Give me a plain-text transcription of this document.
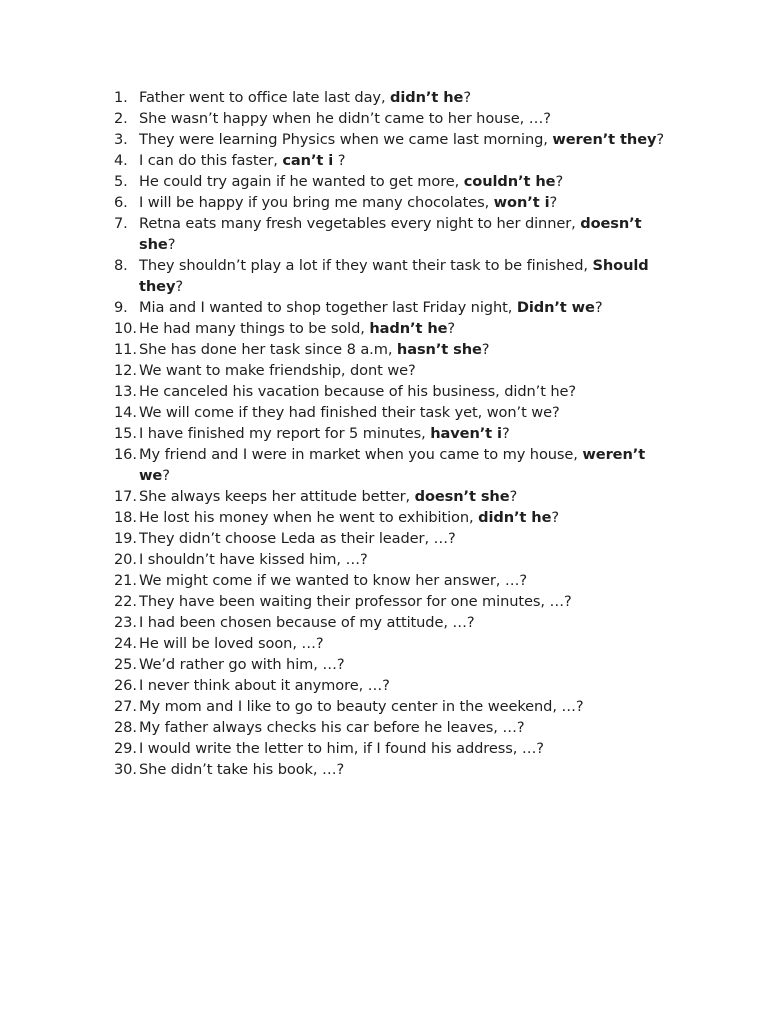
1. Father went to office late last day, didn’t he?
2. She wasn’t happy when he didn’t came to her house, …?
3. They were learning Physics when we came last morning, weren’t they?
4. I can do this faster, can’t i ?
5. He could try again if he wanted to get more, couldn’t he?
6. I will be happy if you bring me many chocolates, won’t i?
7. Retna eats many fresh vegetables every night to her dinner, doesn’t she?
8. They shouldn’t play a lot if they want their task to be finished, Should they?
9. Mia and I wanted to shop together last Friday night, Didn’t we?
10. He had many things to be sold, hadn’t he?
11. She has done her task since 8 a.m, hasn’t she?
12. We want to make friendship, dont we?
13. He canceled his vacation because of his business, didn’t he?
14. We will come if they had finished their task yet, won’t we?
15. I have finished my report for 5 minutes, haven’t i?
16. My friend and I were in market when you came to my house, weren’t we?
17. She always keeps her attitude better, doesn’t she?
18. He lost his money when he went to exhibition, didn’t he?
19. They didn’t choose Leda as their leader, …?
20. I shouldn’t have kissed him, …?
21. We might come if we wanted to know her answer, …?
22. They have been waiting their professor for one minutes, …?
23. I had been chosen because of my attitude, …?
24. He will be loved soon, …?
25. We’d rather go with him, …?
26. I never think about it anymore, …?
27. My mom and I like to go to beauty center in the weekend, …?
28. My father always checks his car before he leaves, …?
29. I would write the letter to him, if I found his address, …?
30. She didn’t take his book, …?
